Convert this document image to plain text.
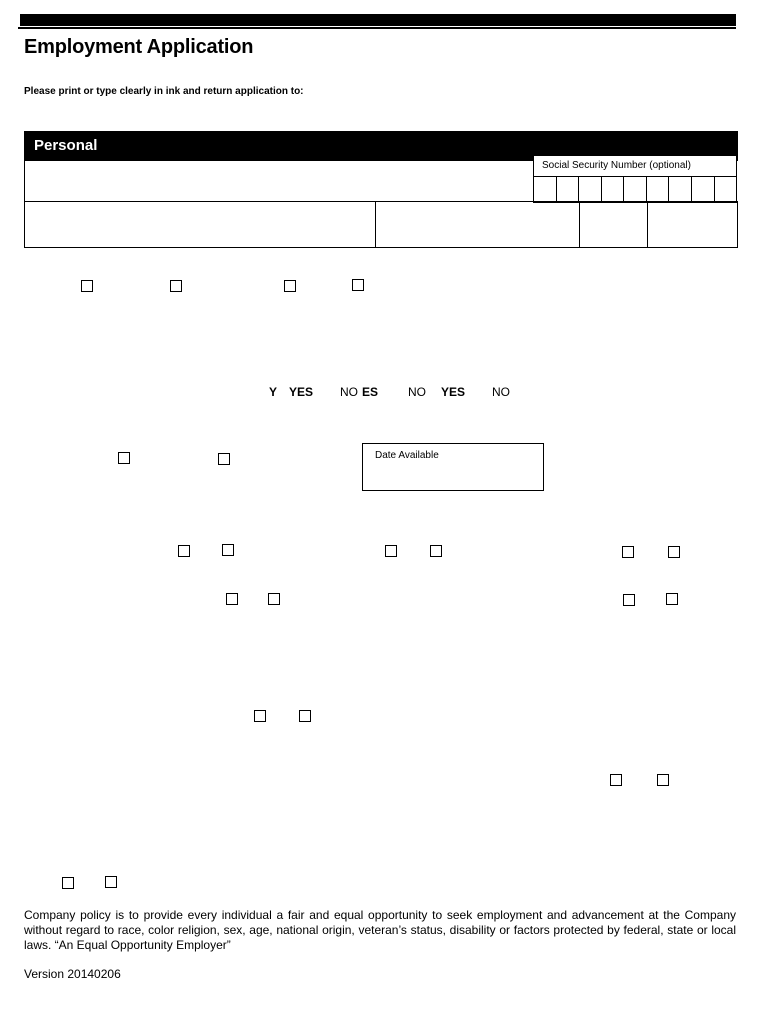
Employment Application
Please print or type clearly in ink and return application to:
Personal
Social Security Number (optional)
Y YES NO ES NO YES NO
Date Available
Company policy is to provide every individual a fair and equal opportunity to seek employment and advancement at the Company without regard to race, color religion, sex, age, national origin, veteran’s status, disability or factors protected by federal, state or local laws. “An Equal Opportunity Employer”
Version 20140206
